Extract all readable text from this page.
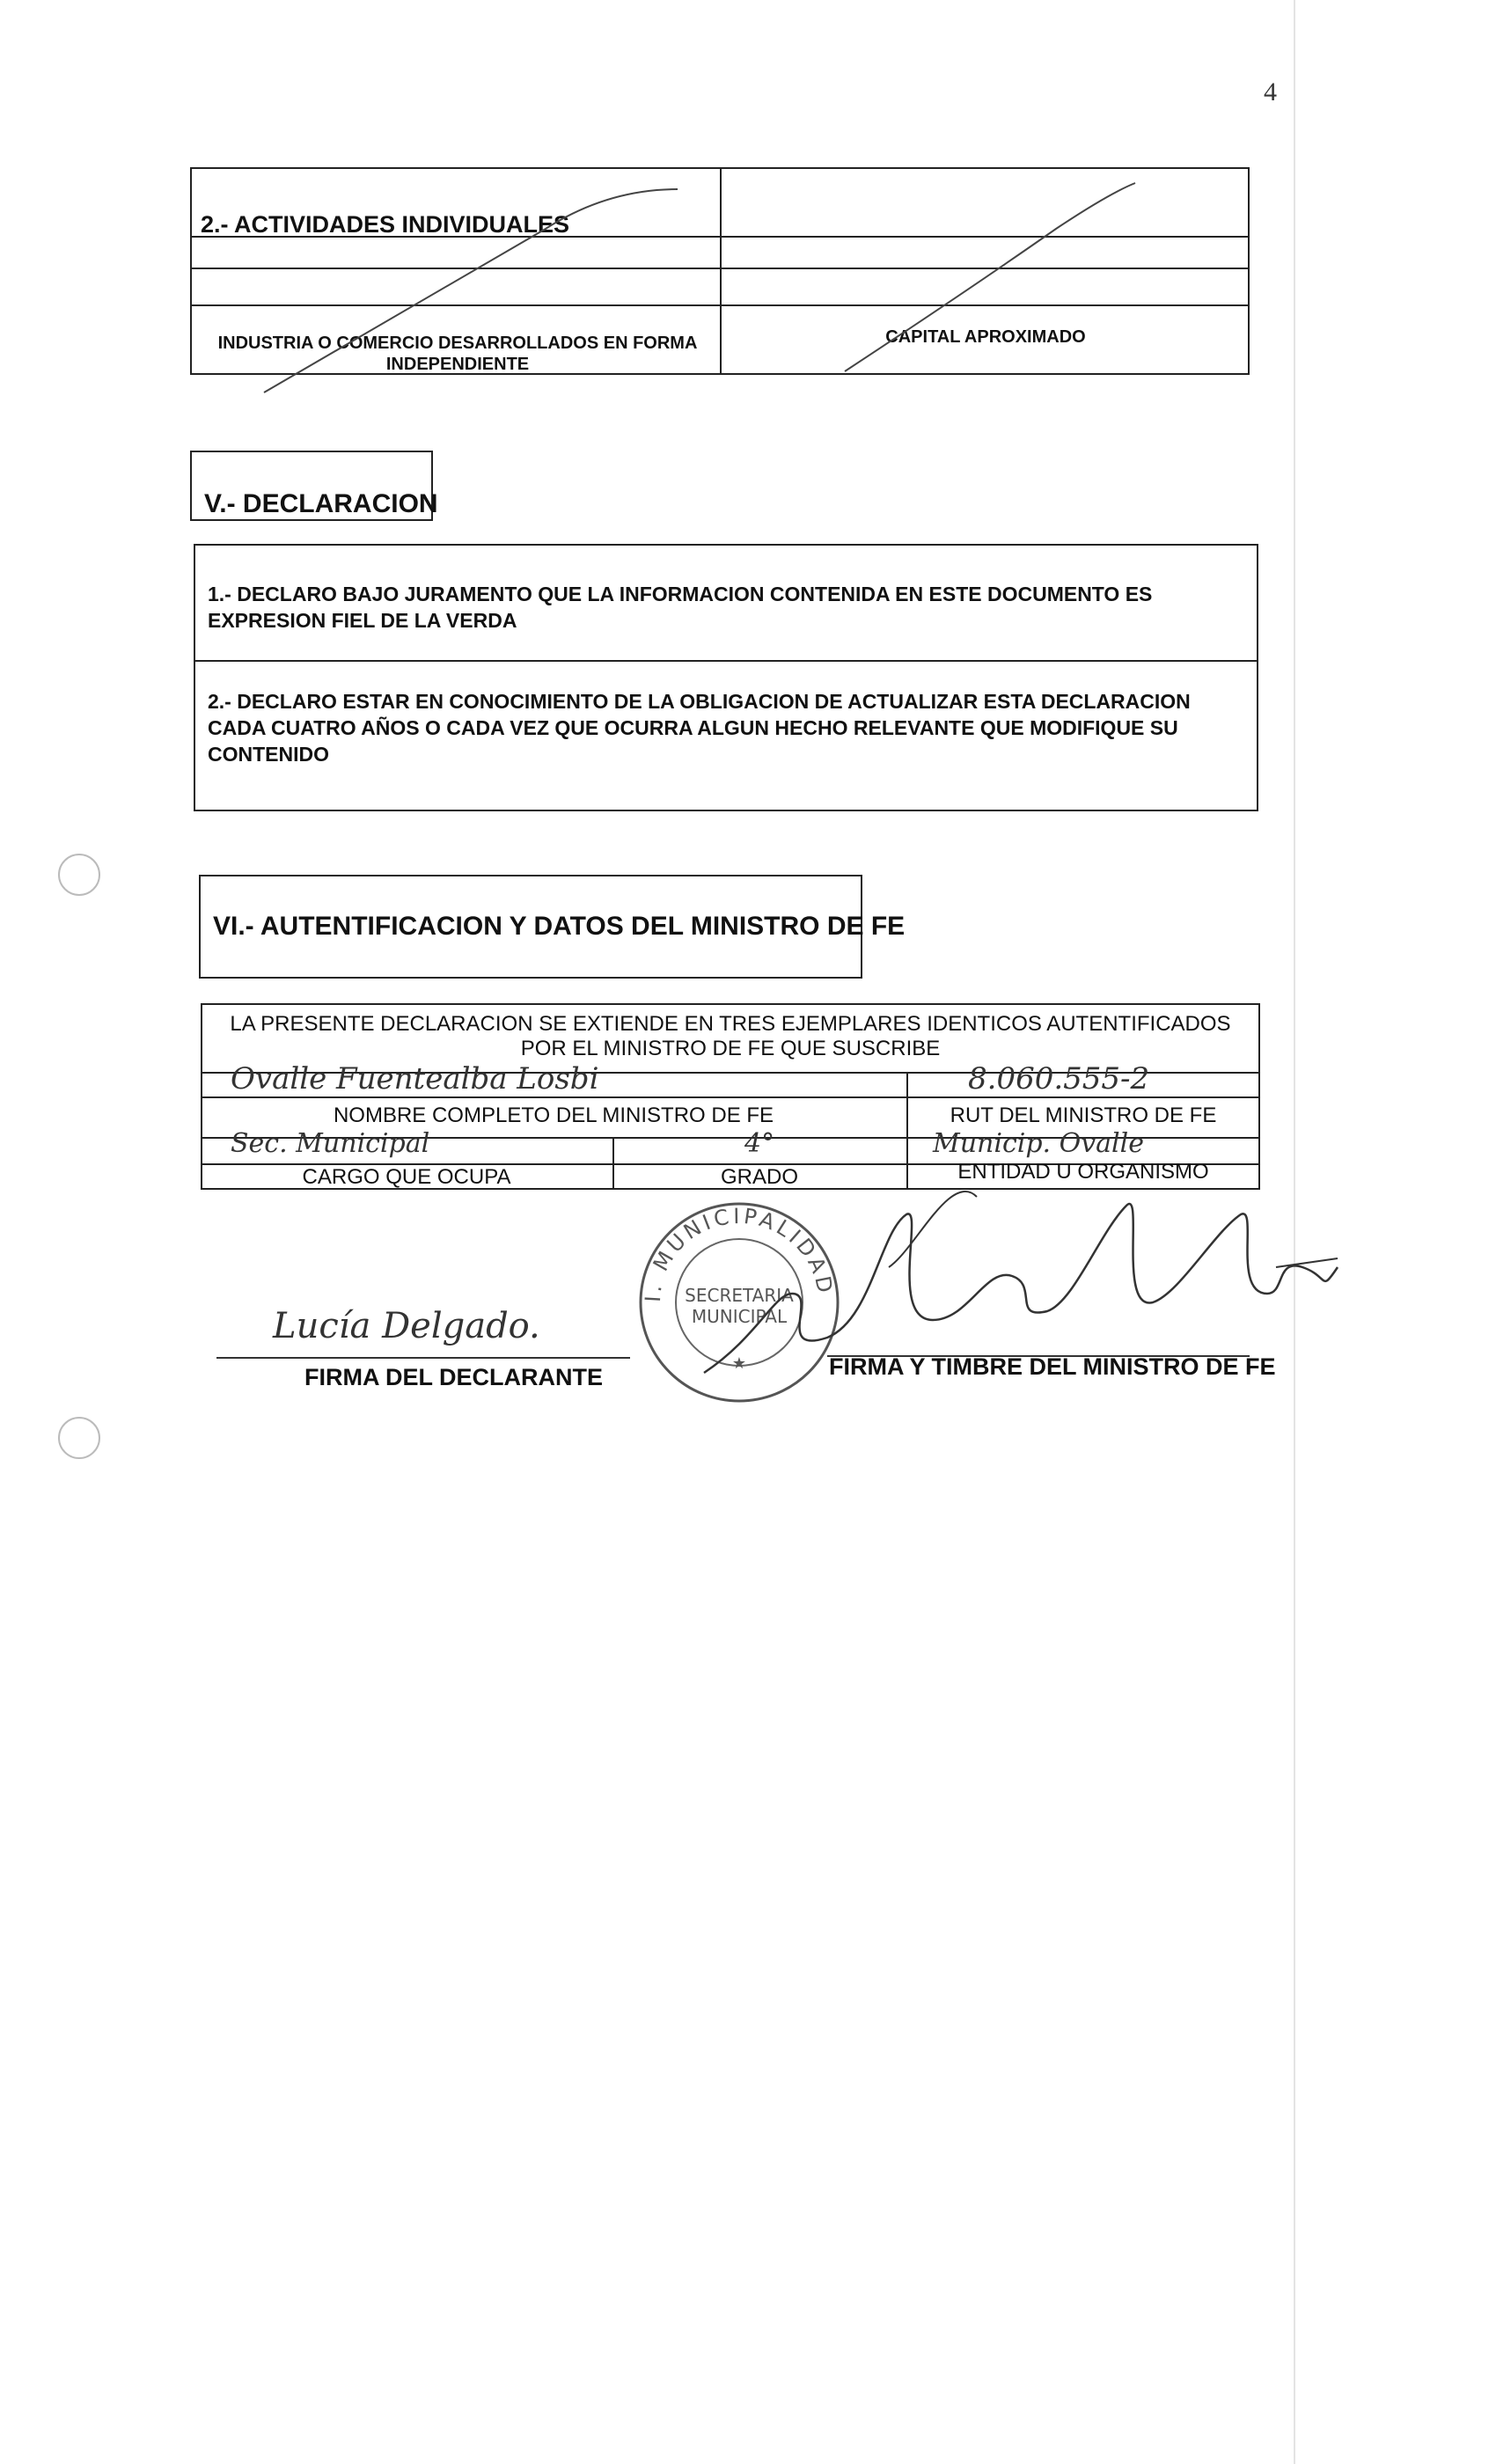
4
2.- ACTIVIDADES INDIVIDUALES
INDUSTRIA O COMERCIO DESARROLLADOS EN FORMA INDEPENDIENTE
CAPITAL APROXIMADO
V.- DECLARACION
1.- DECLARO BAJO JURAMENTO QUE LA INFORMACION CONTENIDA EN ESTE DOCUMENTO ES EXPRESION FIEL DE LA VERDA
2.- DECLARO ESTAR EN CONOCIMIENTO DE LA OBLIGACION DE ACTUALIZAR ESTA DECLARACION CADA CUATRO AÑOS O CADA VEZ QUE OCURRA ALGUN HECHO RELEVANTE QUE MODIFIQUE SU CONTENIDO
VI.- AUTENTIFICACION Y DATOS DEL MINISTRO DE FE
LA PRESENTE DECLARACION SE EXTIENDE EN TRES EJEMPLARES IDENTICOS AUTENTIFICADOS POR EL MINISTRO DE FE QUE SUSCRIBE
Ovalle Fuentealba Losbi
NOMBRE COMPLETO DEL MINISTRO DE FE
8.060.555-2
RUT DEL MINISTRO DE FE
Sec. Municipal
CARGO QUE OCUPA
4°
GRADO
Municip. Ovalle
ENTIDAD U ORGANISMO
Lucía Delgado.
FIRMA DEL DECLARANTE
I. MUNICIPALIDAD DE OVALLE
★
SECRETARIA MUNICIPAL
FIRMA Y TIMBRE DEL MINISTRO DE FE
